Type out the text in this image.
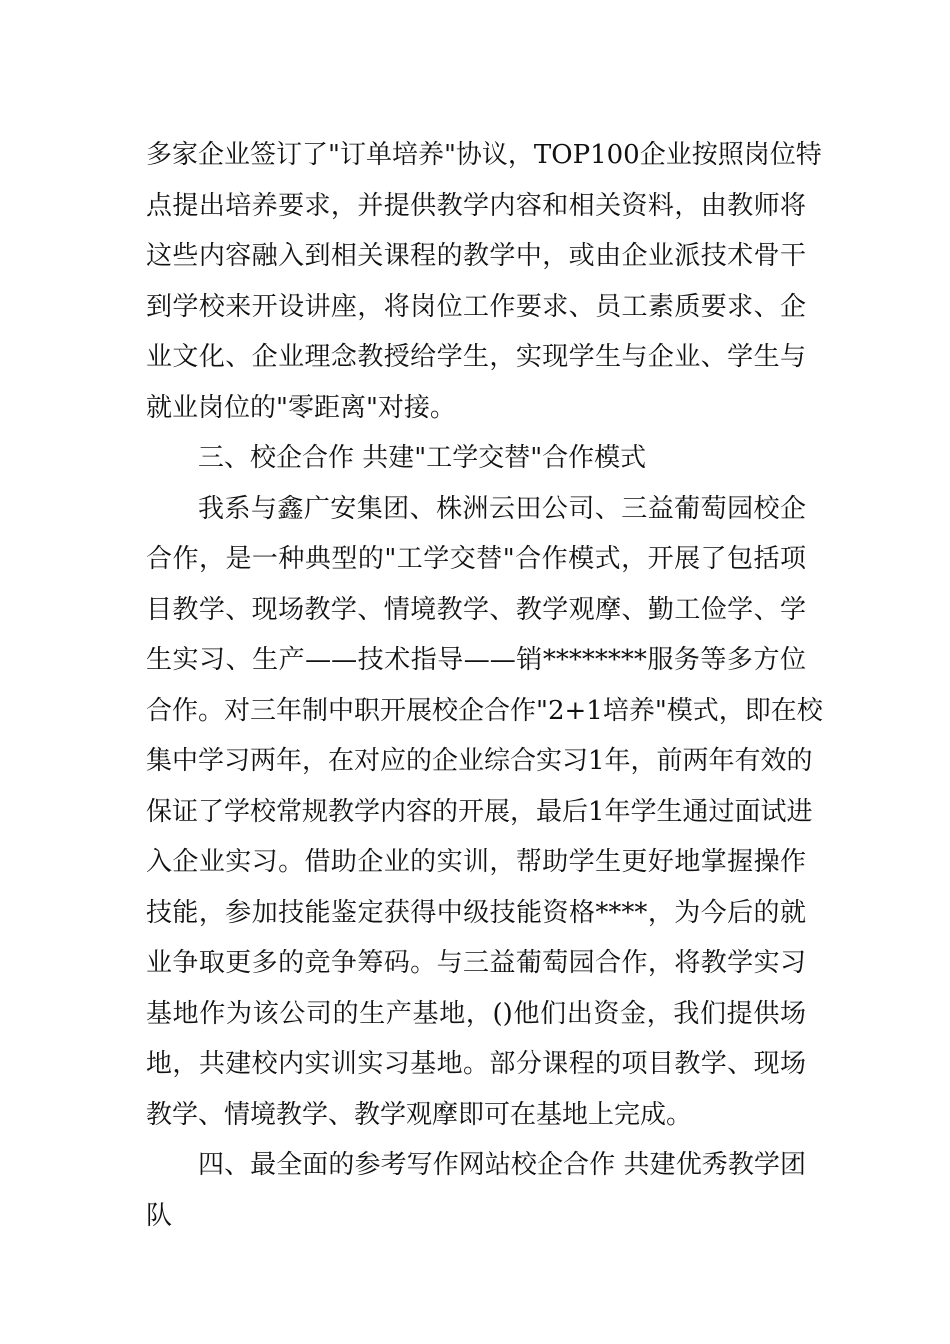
多家企业签订了"订单培养"协议，TOP100企业按照岗位特
点提出培养要求，并提供教学内容和相关资料，由教师将
这些内容融入到相关课程的教学中，或由企业派技术骨干
到学校来开设讲座，将岗位工作要求、员工素质要求、企
业文化、企业理念教授给学生，实现学生与企业、学生与
就业岗位的"零距离"对接。
三、校企合作 共建"工学交替"合作模式
我系与鑫广安集团、株洲云田公司、三益葡萄园校企
合作，是一种典型的"工学交替"合作模式，开展了包括项
目教学、现场教学、情境教学、教学观摩、勤工俭学、学
生实习、生产——技术指导——销********服务等多方位
合作。对三年制中职开展校企合作"2+1培养"模式，即在校
集中学习两年，在对应的企业综合实习1年，前两年有效的
保证了学校常规教学内容的开展，最后1年学生通过面试进
入企业实习。借助企业的实训，帮助学生更好地掌握操作
技能，参加技能鉴定获得中级技能资格****，为今后的就
业争取更多的竞争筹码。与三益葡萄园合作，将教学实习
基地作为该公司的生产基地，()他们出资金，我们提供场
地，共建校内实训实习基地。部分课程的项目教学、现场
教学、情境教学、教学观摩即可在基地上完成。
四、最全面的参考写作网站校企合作 共建优秀教学团
队
